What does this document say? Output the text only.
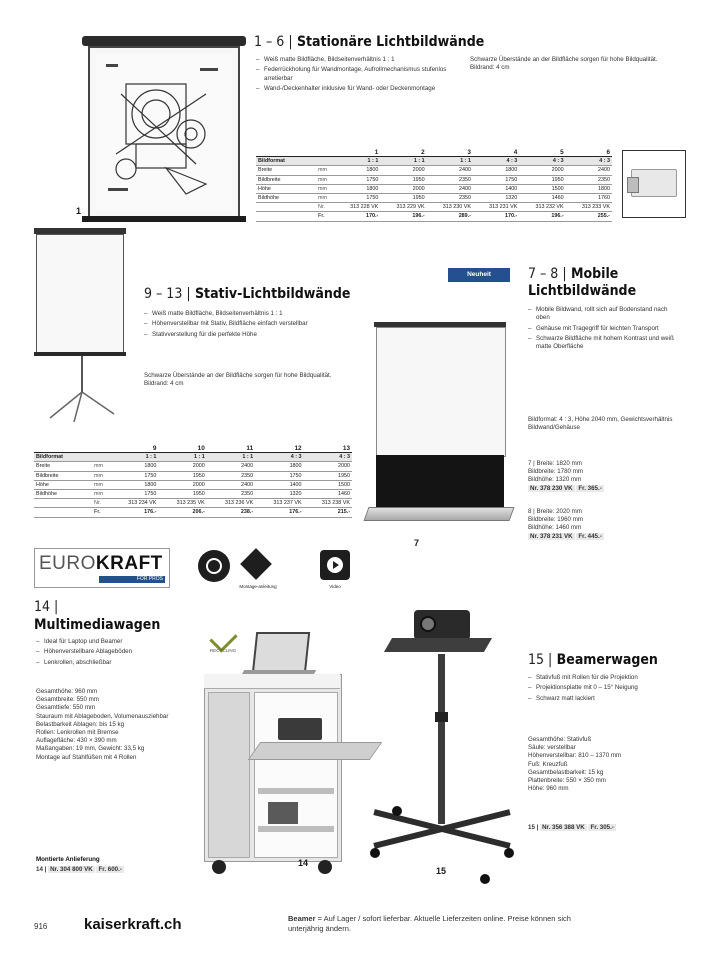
1
1 – 6 | Stationäre Lichtbildwände
– Weiß matte Bildfläche, Bildseitenverhältnis 1 : 1
– Federrückholung für Wandmontage, Aufrollmechanismus stufenlos arretierbar
– Wand-/Deckenhalter inklusive für Wand- oder Deckenmontage
Schwarze Überstände an der Bildfläche sorgen für hohe Bildqualität. Bildrand: 4 cm
		1	2	3	4	5	6
Bildformat		1 : 1	1 : 1	1 : 1	4 : 3	4 : 3	4 : 3
Breite	mm	1800	2000	2400	1800	2000	2400
Bildbreite	mm	1750	1950	2350	1750	1950	2350
Höhe	mm	1800	2000	2400	1400	1500	1800
Bildhöhe	mm	1750	1950	2350	1320	1460	1760
	Nr.	313 228 VK	313 229 VK	313 230 VK	313 231 VK	313 232 VK	313 233 VK
	Fr.	170.-	196.-	289.-	170.-	196.-	255.-
9 – 13 | Stativ-Lichtbildwände
– Weiß matte Bildfläche, Bildseitenverhältnis 1 : 1
– Höhenverstellbar mit Stativ, Bildfläche einfach verstellbar
– Stativverstellung für die perfekte Höhe
Schwarze Überstände an der Bildfläche sorgen für hohe Bildqualität. Bildrand: 4 cm
		9	10	11	12	13
Bildformat		1 : 1	1 : 1	1 : 1	4 : 3	4 : 3
Breite	mm	1800	2000	2400	1800	2000
Bildbreite	mm	1750	1950	2350	1750	1950
Höhe	mm	1800	2000	2400	1400	1500
Bildhöhe	mm	1750	1950	2350	1320	1460
	Nr.	313 234 VK	313 235 VK	313 236 VK	313 237 VK	313 238 VK
	Fr.	176.-	206.-	238.-	176.-	215.-
Neuheit
7
7 – 8 | Mobile
Lichtbildwände
– Mobile Bildwand, rollt sich auf Bodenstand nach oben
– Gehäuse mit Tragegriff für leichten Transport
– Schwarze Bildfläche mit hohem Kontrast und weiß matte Oberfläche
Bildformat: 4 : 3, Höhe 2040 mm, Gewichtsverhältnis Bildwand/Gehäuse
7 | Breite: 1820 mm
Bildbreite: 1780 mm
Bildhöhe: 1320 mm
Nr. 378 230 VK Fr. 365.-
8 | Breite: 2020 mm
Bildbreite: 1960 mm
Bildhöhe: 1460 mm
Nr. 378 231 VK Fr. 445.-
EUROKRAFT
FOR PROS
Montage-anleitung	Video
14 |
Multimediawagen
– Ideal für Laptop und Beamer
– Höhenverstellbare Ablageböden
– Lenkrollen, abschließbar
Gesamthöhe: 960 mm
Gesamtbreite: 550 mm
Gesamttiefe: 550 mm
Stauraum mit Ablageboden, Volumenausziehbar
Belastbarkeit Ablagen: bis 15 kg
Rollen: Lenkrollen mit Bremse
Auflagefläche: 430 × 390 mm
Maßangaben: 19 mm, Gewicht: 33,5 kg
Montage auf Stahlfüßen mit 4 Rollen
Montierte Anlieferung
14 | Nr. 304 800 VK Fr. 600.-
RECYCLING
14
15
15 | Beamerwagen
– Stativfuß mit Rollen für die Projektion
– Projektionsplatte mit 0 – 15° Neigung
– Schwarz matt lackiert
Gesamthöhe: Stativfuß
Säule: verstellbar
Höhenverstellbar: 810 – 1370 mm
Fuß: Kreuzfuß
Gesamtbelastbarkeit: 15 kg
Plattenbreite: 550 × 350 mm
Höhe: 960 mm
15 | Nr. 356 388 VK Fr. 305.-
916 kaiserkraft.ch	Beamer = Auf Lager / sofort lieferbar. Aktuelle Lieferzeiten online. Preise können sich unterjährig ändern.
